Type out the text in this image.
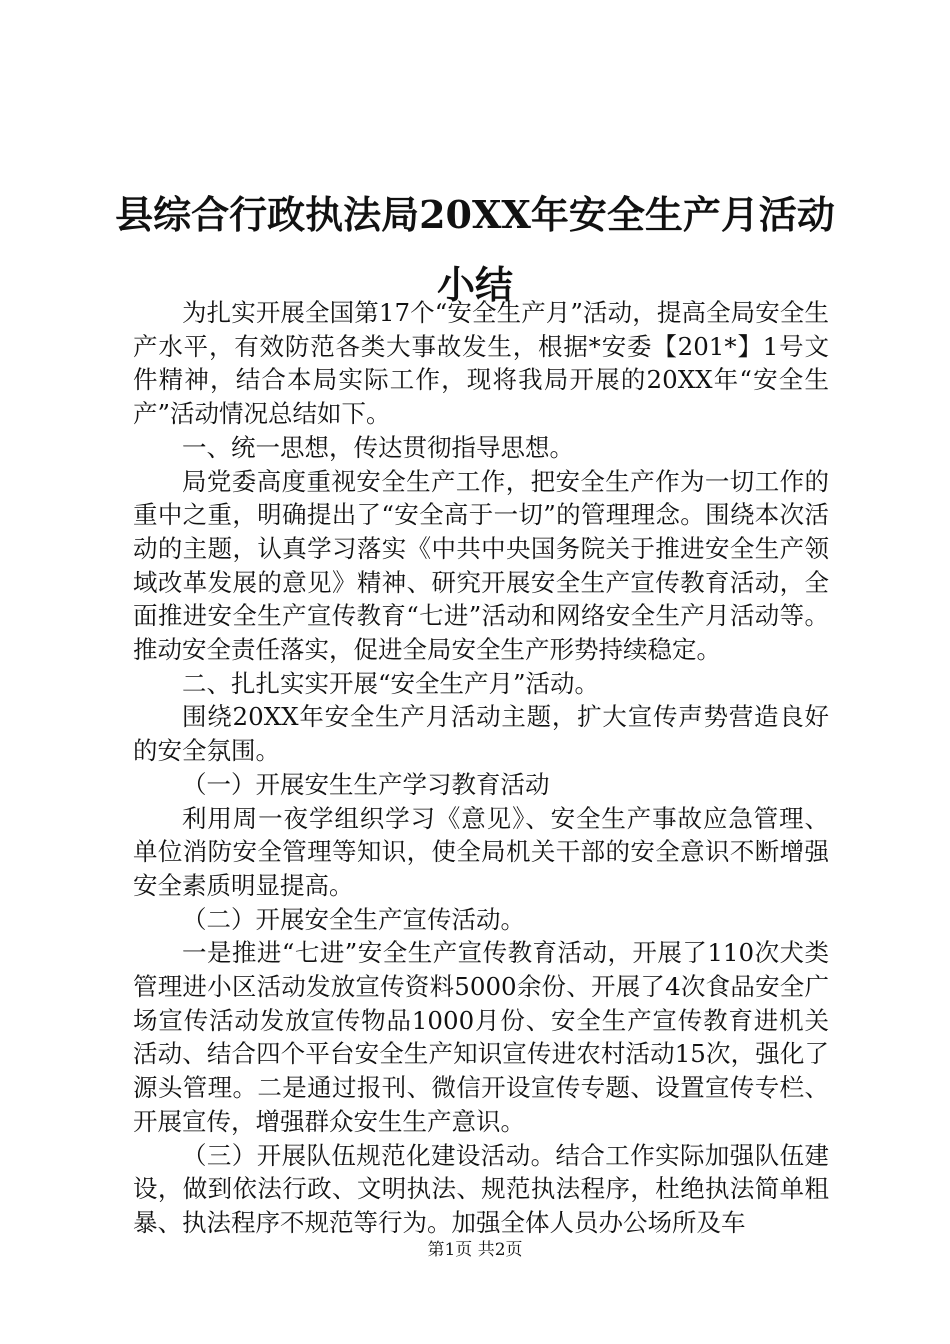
县综合行政执法局20XX年安全生产月活动小结

为扎实开展全国第17个“安全生产月”活动，提高全局安全生产水平，有效防范各类大事故发生，根据*安委【201*】1号文件精神，结合本局实际工作，现将我局开展的20XX年“安全生产”活动情况总结如下。

一、统一思想，传达贯彻指导思想。

局党委高度重视安全生产工作，把安全生产作为一切工作的重中之重，明确提出了“安全高于一切”的管理理念。围绕本次活动的主题，认真学习落实《中共中央国务院关于推进安全生产领域改革发展的意见》精神、研究开展安全生产宣传教育活动，全面推进安全生产宣传教育“七进”活动和网络安全生产月活动等。推动安全责任落实，促进全局安全生产形势持续稳定。

二、扎扎实实开展“安全生产月”活动。

围绕20XX年安全生产月活动主题，扩大宣传声势营造良好的安全氛围。

（一）开展安生生产学习教育活动

利用周一夜学组织学习《意见》、安全生产事故应急管理、单位消防安全管理等知识，使全局机关干部的安全意识不断增强安全素质明显提高。

（二）开展安全生产宣传活动。

一是推进“七进”安全生产宣传教育活动，开展了110次犬类管理进小区活动发放宣传资料5000余份、开展了4次食品安全广场宣传活动发放宣传物品1000月份、安全生产宣传教育进机关活动、结合四个平台安全生产知识宣传进农村活动15次，强化了源头管理。二是通过报刊、微信开设宣传专题、设置宣传专栏、开展宣传，增强群众安生生产意识。

（三）开展队伍规范化建设活动。结合工作实际加强队伍建设，做到依法行政、文明执法、规范执法程序，杜绝执法简单粗暴、执法程序不规范等行为。加强全体人员办公场所及车

第1页 共2页
